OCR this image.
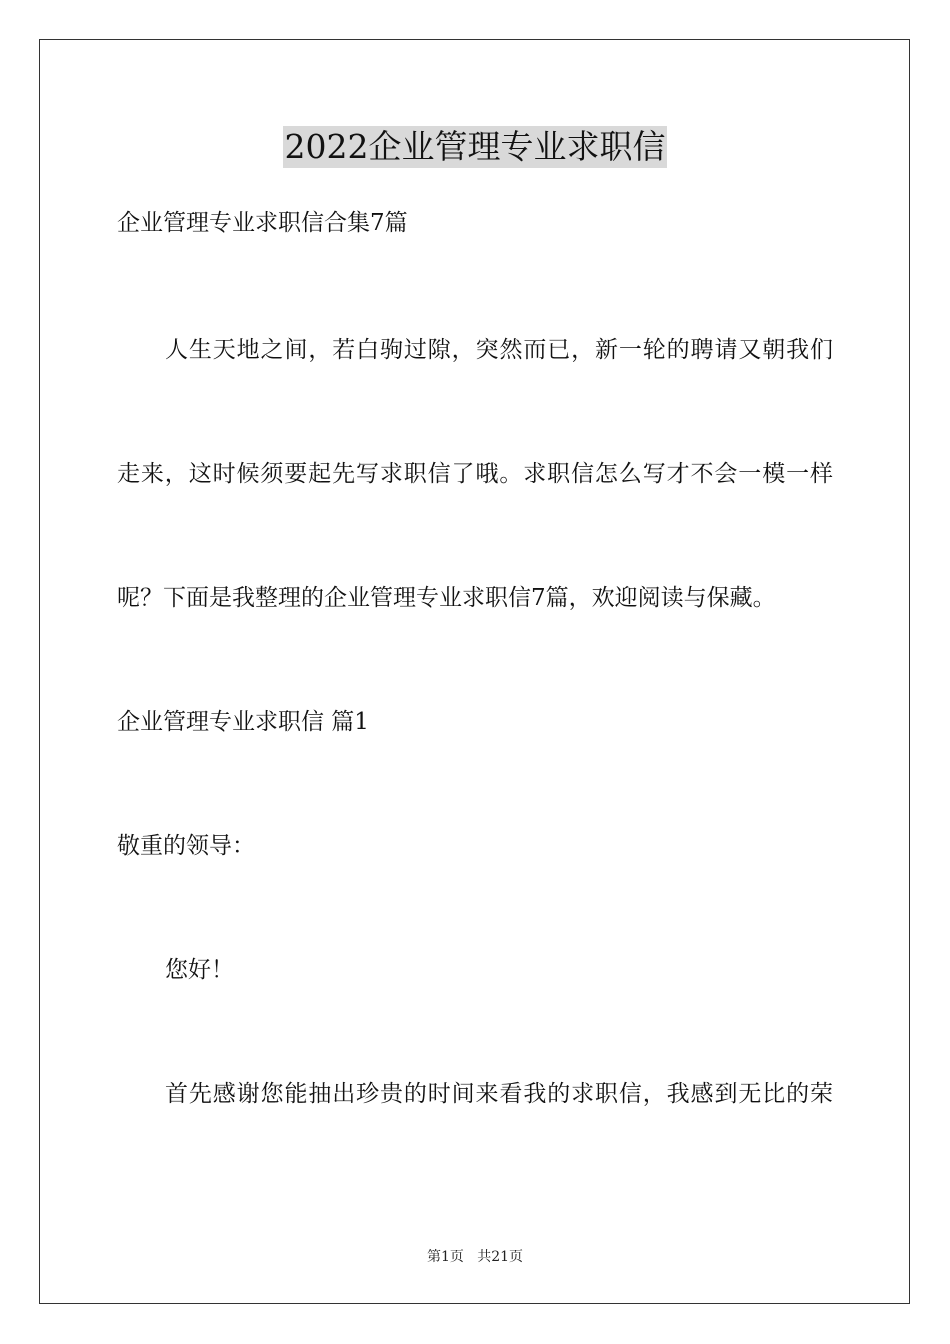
2022企业管理专业求职信
企业管理专业求职信合集7篇
人生天地之间，若白驹过隙，突然而已，新一轮的聘请又朝我们
走来，这时候须要起先写求职信了哦。求职信怎么写才不会一模一样
呢？下面是我整理的企业管理专业求职信7篇，欢迎阅读与保藏。
企业管理专业求职信 篇1
敬重的领导：
您好！
首先感谢您能抽出珍贵的时间来看我的求职信，我感到无比的荣
第1页   共21页
